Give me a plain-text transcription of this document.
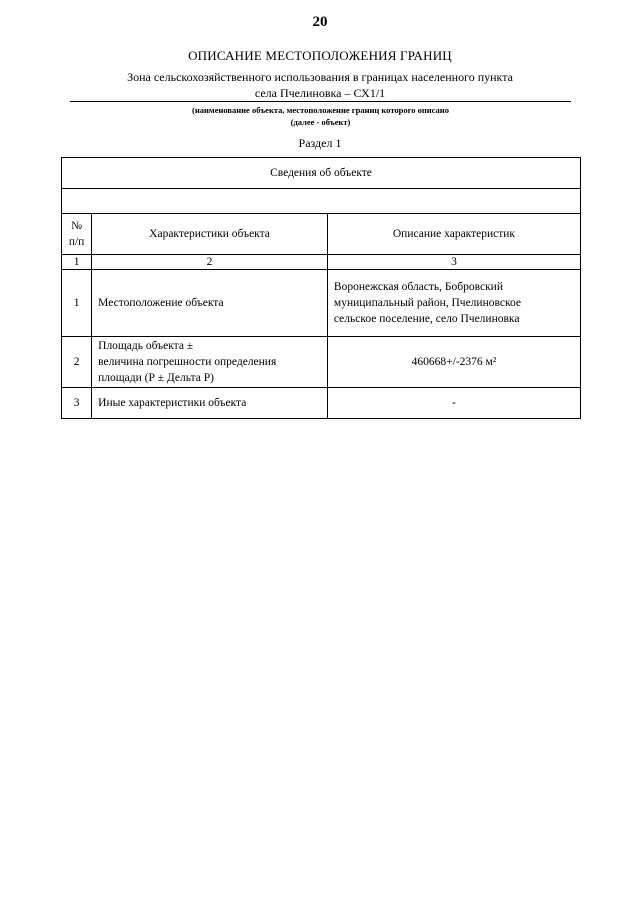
20
ОПИСАНИЕ МЕСТОПОЛОЖЕНИЯ ГРАНИЦ
Зона сельскохозяйственного использования в границах населенного пункта
села Пчелиновка – СХ1/1
(наименование объекта, местоположение границ которого описано
(далее - объект)
Раздел 1
Сведения об объекте		

№
п/п	Характеристики объекта	Описание характеристик
1	2	3
1	Местоположение объекта	Воронежская область, Бобровский
муниципальный район, Пчелиновское
сельское поселение, село Пчелиновка

2	Площадь объекта ±
величина погрешности определения
площади (Р ± Дельта Р)	460668+/-2376 м²
3	Иные характеристики объекта	-
